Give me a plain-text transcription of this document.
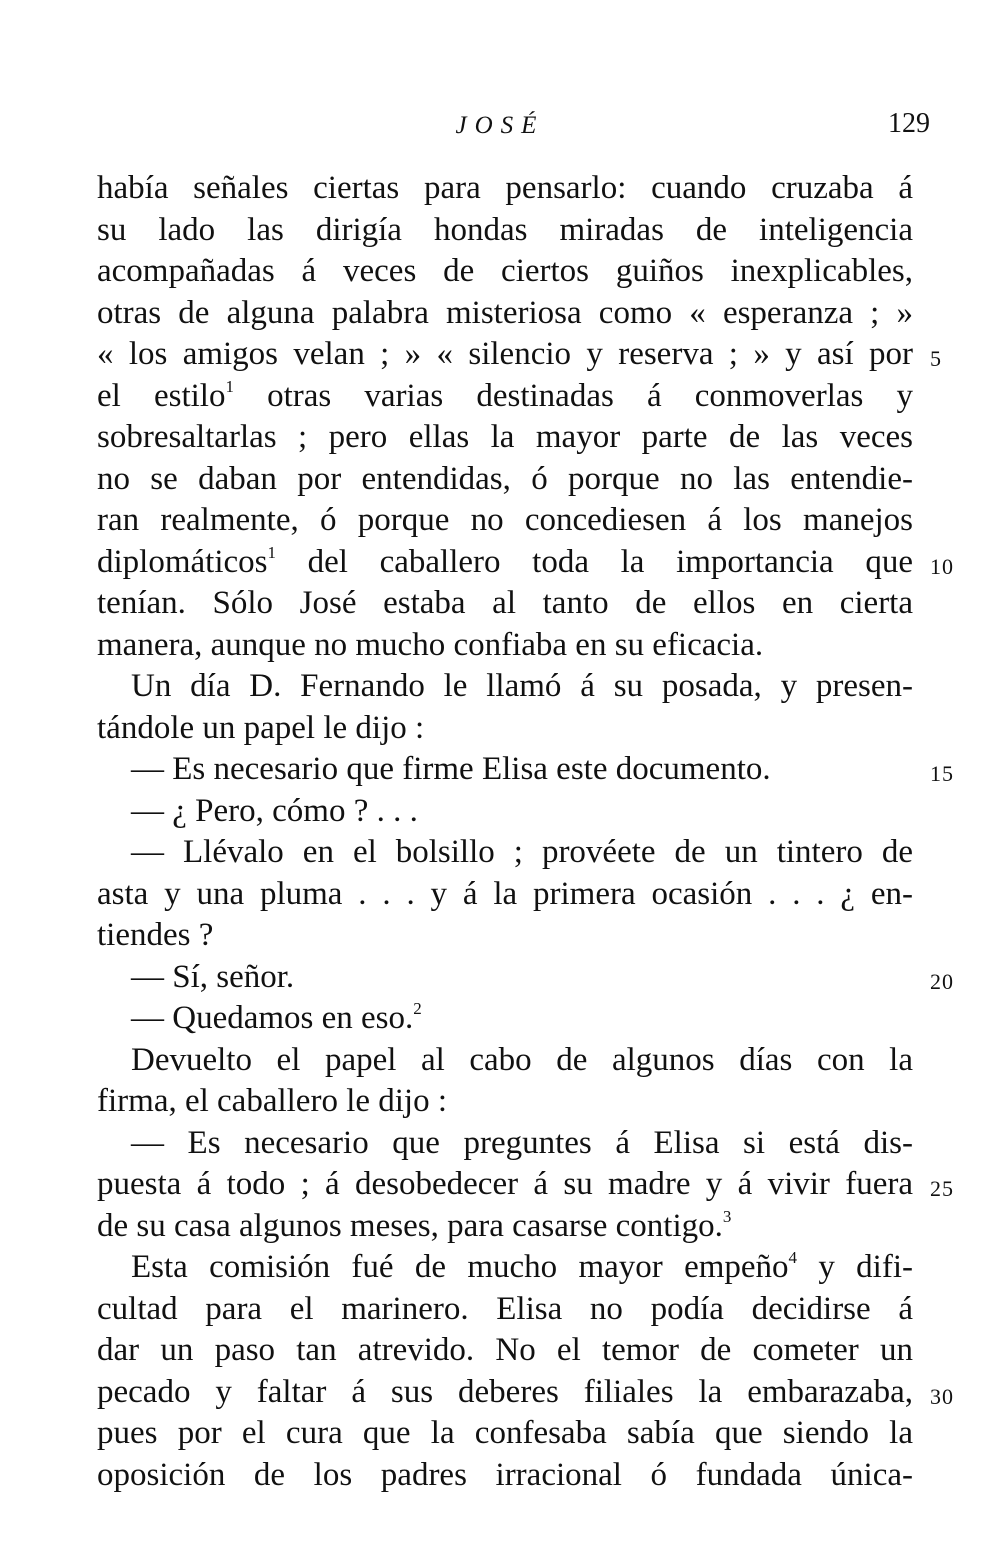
JOSÉ	129
había señales ciertas para pensarlo: cuando cruzaba á
su lado las dirigía hondas miradas de inteligencia
acompañadas á veces de ciertos guiños inexplicables,
otras de alguna palabra misteriosa como « esperanza ; »
« los amigos velan ; » « silencio y reserva ; » y así por 5
el estilo$^1$ otras varias destinadas á conmoverlas y
sobresaltarlas ; pero ellas la mayor parte de las veces
no se daban por entendidas, ó porque no las entendie-
ran realmente, ó porque no concediesen á los manejos
diplomáticos$^1$ del caballero toda la importancia que 10
tenían. Sólo José estaba al tanto de ellos en cierta
manera, aunque no mucho confiaba en su eficacia.
Un día D. Fernando le llamó á su posada, y presen-
tándole un papel le dijo :
— Es necesario que firme Elisa este documento.	15
— ¿ Pero, cómo ? . . .
— Llévalo en el bolsillo ; provéete de un tintero de
asta y una pluma . . . y á la primera ocasión . . . ¿ en-
tiendes ?
— Sí, señor.	20
— Quedamos en eso.$^2$
Devuelto el papel al cabo de algunos días con la
firma, el caballero le dijo :
— Es necesario que preguntes á Elisa si está dis-
puesta á todo ; á desobedecer á su madre y á vivir fuera 25
de su casa algunos meses, para casarse contigo.$^3$
Esta comisión fué de mucho mayor empeño$^4$ y difi-
cultad para el marinero. Elisa no podía decidirse á
dar un paso tan atrevido. No el temor de cometer un
pecado y faltar á sus deberes filiales la embarazaba, 30
pues por el cura que la confesaba sabía que siendo la
oposición de los padres irracional ó fundada única-
